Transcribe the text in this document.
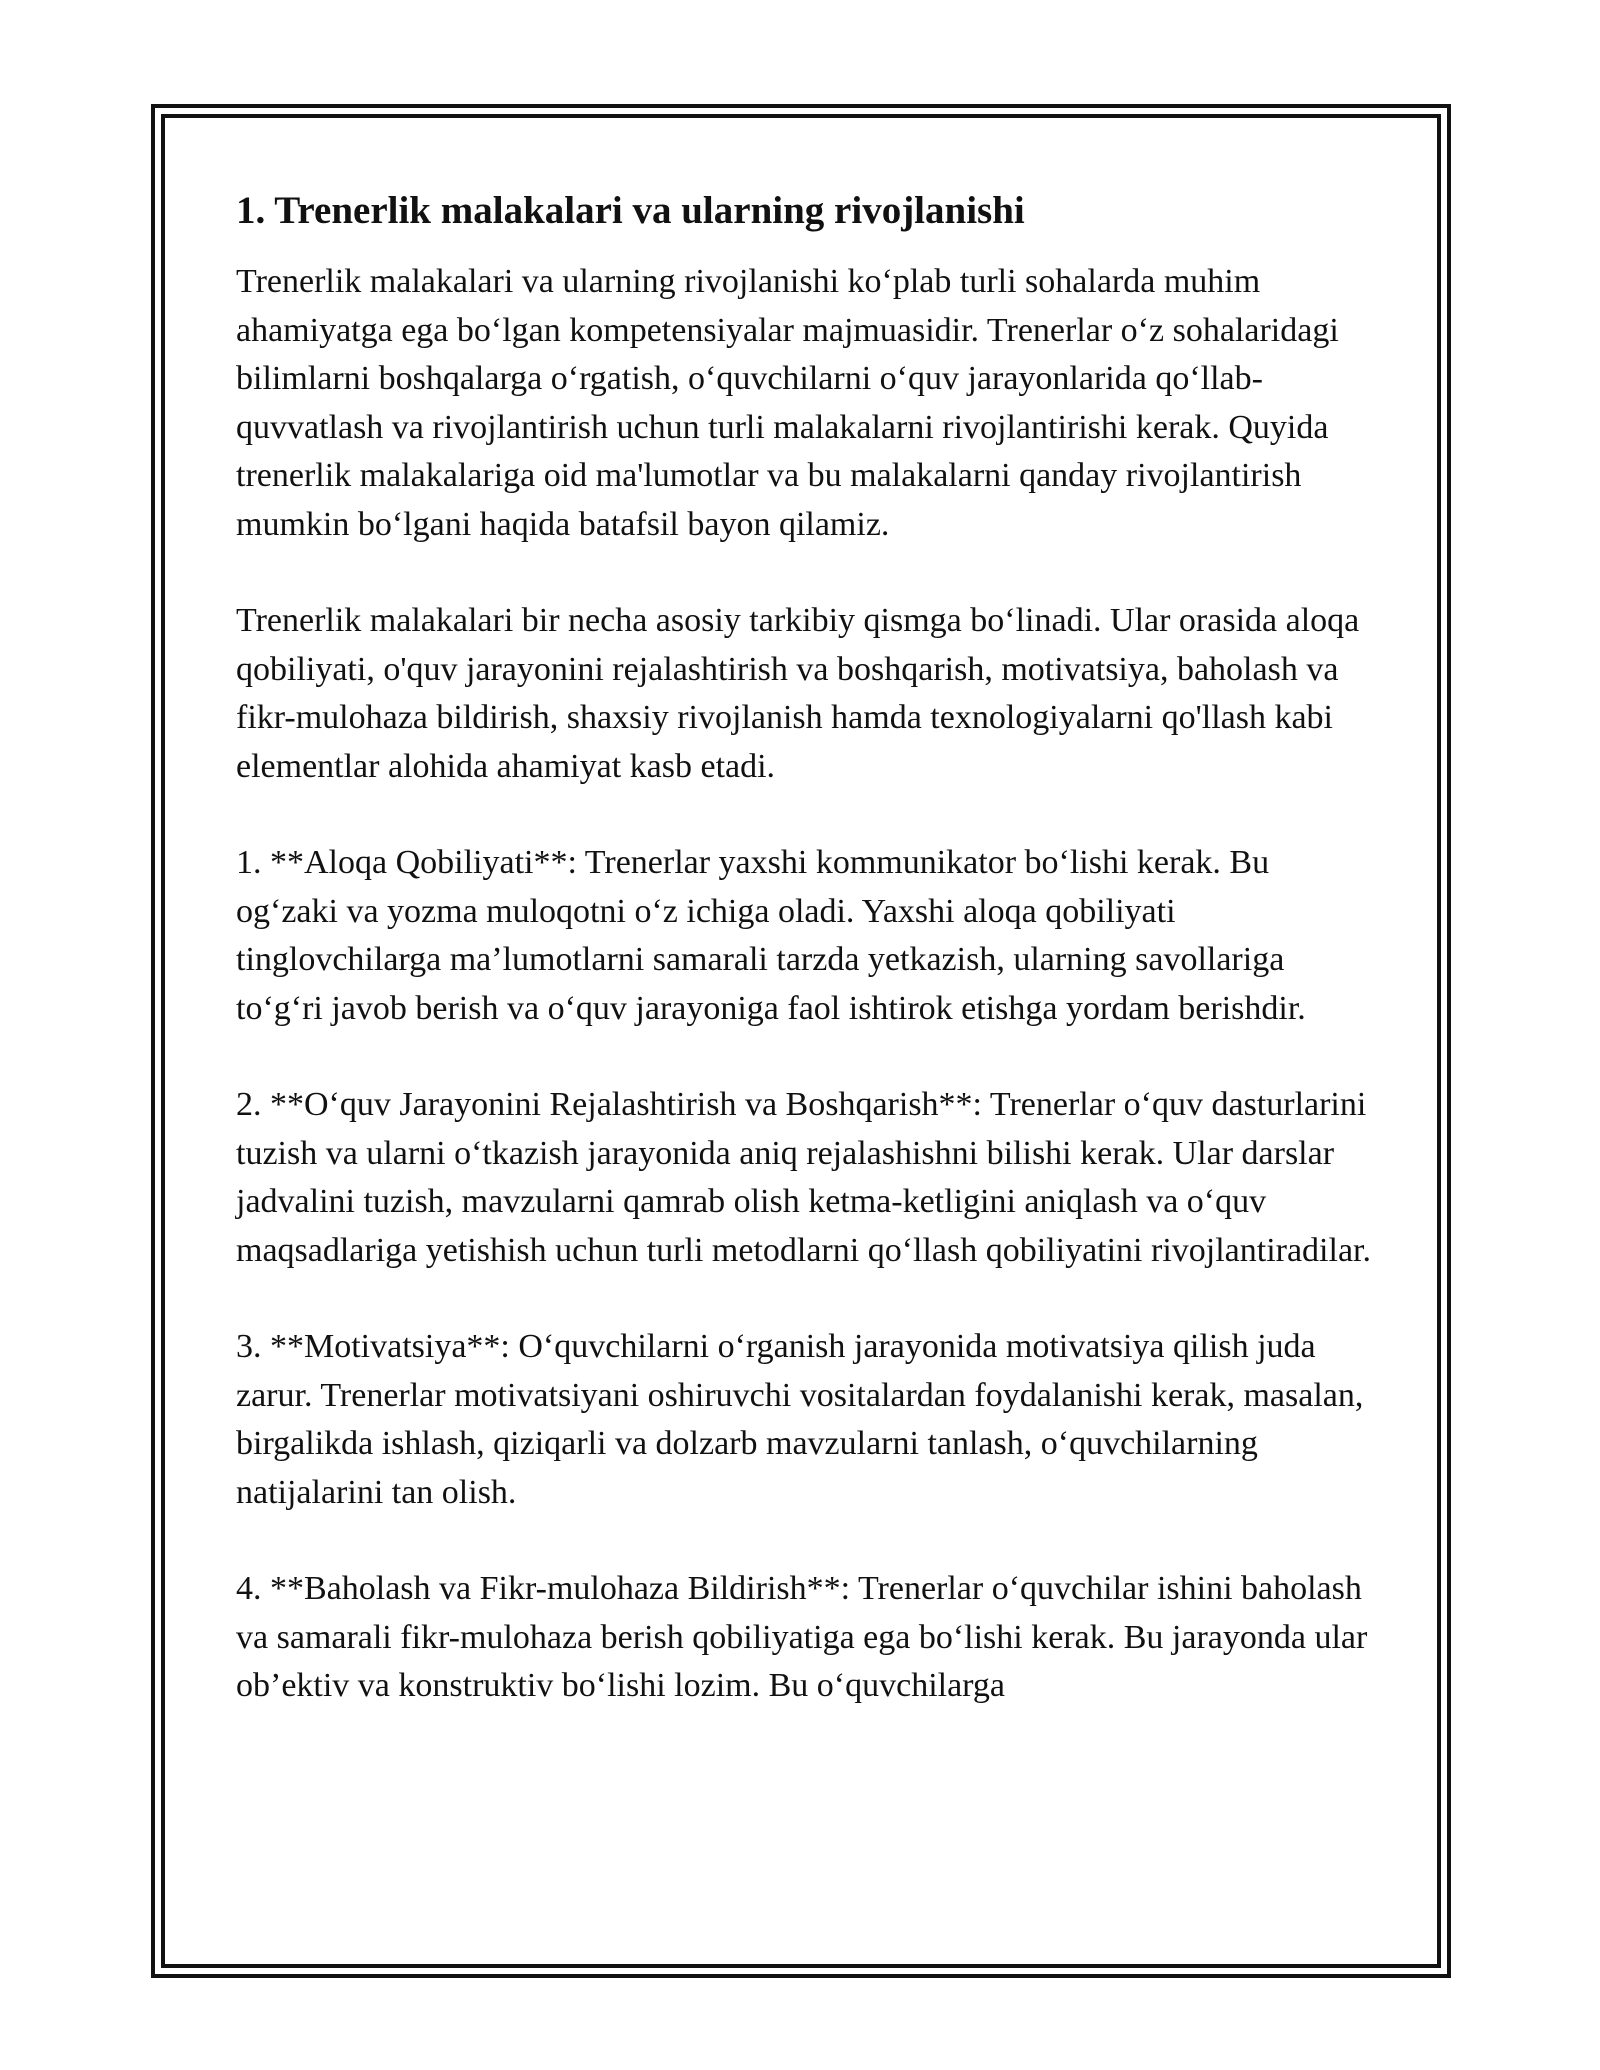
1. Trenerlik malakalari va ularning rivojlanishi

Trenerlik malakalari va ularning rivojlanishi koʻplab turli sohalarda muhim ahamiyatga ega boʻlgan kompetensiyalar majmuasidir. Trenerlar oʻz sohalaridagi bilimlarni boshqalarga oʻrgatish, oʻquvchilarni oʻquv jarayonlarida qoʻllab-quvvatlash va rivojlantirish uchun turli malakalarni rivojlantirishi kerak. Quyida trenerlik malakalariga oid ma'lumotlar va bu malakalarni qanday rivojlantirish mumkin boʻlgani haqida batafsil bayon qilamiz.

Trenerlik malakalari bir necha asosiy tarkibiy qismga boʻlinadi. Ular orasida aloqa qobiliyati, o'quv jarayonini rejalashtirish va boshqarish, motivatsiya, baholash va fikr-mulohaza bildirish, shaxsiy rivojlanish hamda texnologiyalarni qo'llash kabi elementlar alohida ahamiyat kasb etadi.

1. **Aloqa Qobiliyati**: Trenerlar yaxshi kommunikator boʻlishi kerak. Bu ogʻzaki va yozma muloqotni oʻz ichiga oladi. Yaxshi aloqa qobiliyati tinglovchilarga ma’lumotlarni samarali tarzda yetkazish, ularning savollariga toʻgʻri javob berish va oʻquv jarayoniga faol ishtirok etishga yordam berishdir.

2. **Oʻquv Jarayonini Rejalashtirish va Boshqarish**: Trenerlar oʻquv dasturlarini tuzish va ularni oʻtkazish jarayonida aniq rejalashishni bilishi kerak. Ular darslar jadvalini tuzish, mavzularni qamrab olish ketma-ketligini aniqlash va oʻquv maqsadlariga yetishish uchun turli metodlarni qoʻllash qobiliyatini rivojlantiradilar.

3. **Motivatsiya**: Oʻquvchilarni oʻrganish jarayonida motivatsiya qilish juda zarur. Trenerlar motivatsiyani oshiruvchi vositalardan foydalanishi kerak, masalan, birgalikda ishlash, qiziqarli va dolzarb mavzularni tanlash, oʻquvchilarning natijalarini tan olish.

4. **Baholash va Fikr-mulohaza Bildirish**: Trenerlar oʻquvchilar ishini baholash va samarali fikr-mulohaza berish qobiliyatiga ega boʻlishi kerak. Bu jarayonda ular ob’ektiv va konstruktiv boʻlishi lozim. Bu oʻquvchilarga
